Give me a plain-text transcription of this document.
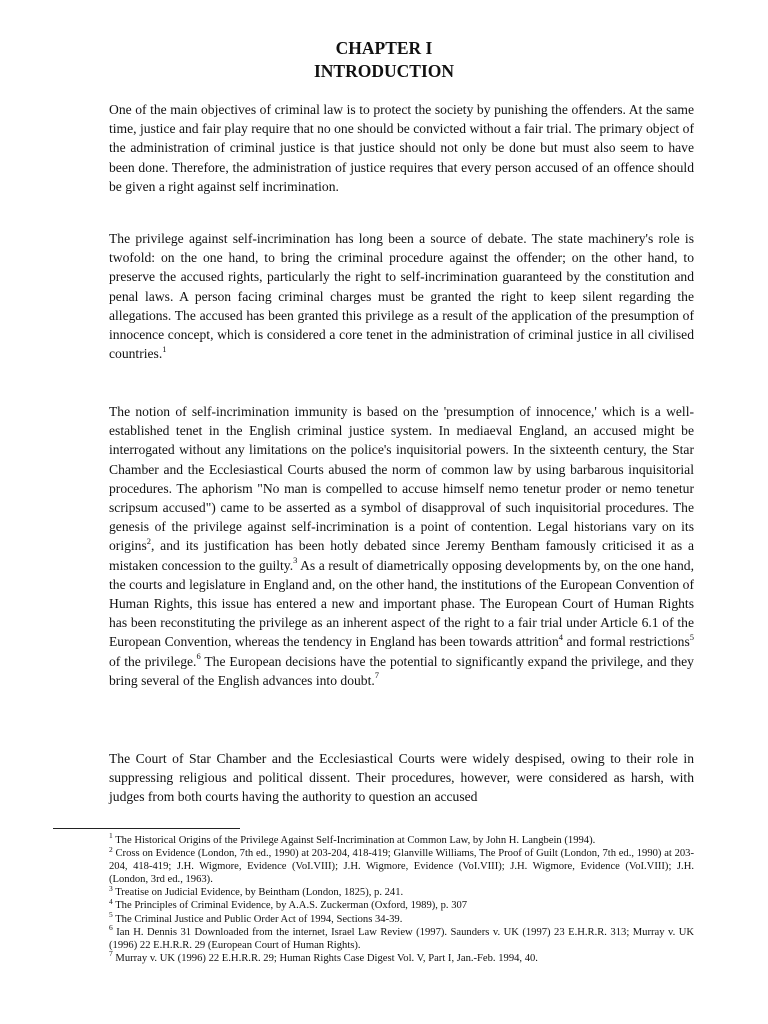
CHAPTER I
INTRODUCTION

One of the main objectives of criminal law is to protect the society by punishing the offenders. At the same time, justice and fair play require that no one should be convicted without a fair trial. The primary object of the administration of criminal justice is that justice should not only be done but must also seem to have been done. Therefore, the administration of justice requires that every person accused of an offence should be given a right against self incrimination.

The privilege against self-incrimination has long been a source of debate. The state machinery's role is twofold: on the one hand, to bring the criminal procedure against the offender; on the other hand, to preserve the accused rights, particularly the right to self-incrimination guaranteed by the constitution and penal laws. A person facing criminal charges must be granted the right to keep silent regarding the allegations. The accused has been granted this privilege as a result of the application of the presumption of innocence concept, which is considered a core tenet in the administration of criminal justice in all civilised countries.$^1$

The notion of self-incrimination immunity is based on the 'presumption of innocence,' which is a well-established tenet in the English criminal justice system. In mediaeval England, an accused might be interrogated without any limitations on the police's inquisitorial powers. In the sixteenth century, the Star Chamber and the Ecclesiastical Courts abused the norm of common law by using barbarous inquisitorial procedures. The aphorism "No man is compelled to accuse himself nemo tenetur proder or nemo tenetur scripsum accused") came to be asserted as a symbol of disapproval of such inquisitorial procedures. The genesis of the privilege against self-incrimination is a point of contention. Legal historians vary on its origins$^2$, and its justification has been hotly debated since Jeremy Bentham famously criticised it as a mistaken concession to the guilty.$^3$ As a result of diametrically opposing developments by, on the one hand, the courts and legislature in England and, on the other hand, the institutions of the European Convention of Human Rights, this issue has entered a new and important phase. The European Court of Human Rights has been reconstituting the privilege as an inherent aspect of the right to a fair trial under Article 6.1 of the European Convention, whereas the tendency in England has been towards attrition$^4$ and formal restrictions$^5$ of the privilege.$^6$ The European decisions have the potential to significantly expand the privilege, and they bring several of the English advances into doubt.$^7$

The Court of Star Chamber and the Ecclesiastical Courts were widely despised, owing to their role in suppressing religious and political dissent. Their procedures, however, were considered as harsh, with judges from both courts having the authority to question an accused

$^1$ The Historical Origins of the Privilege Against Self-Incrimination at Common Law, by John H. Langbein (1994).

$^2$ Cross on Evidence (London, 7th ed., 1990) at 203-204, 418-419; Glanville Williams, The Proof of Guilt (London, 7th ed., 1990) at 203-204, 418-419; J.H. Wigmore, Evidence (VoI.VIII); J.H. Wigmore, Evidence (VoI.VIII); J.H. Wigmore, Evidence (VoI.VIII); J.H. (London, 3rd ed., 1963).

$^3$ Treatise on Judicial Evidence, by Beintham (London, 1825), p. 241.

$^4$ The Principles of Criminal Evidence, by A.A.S. Zuckerman (Oxford, 1989), p. 307

$^5$ The Criminal Justice and Public Order Act of 1994, Sections 34-39.

$^6$ Ian H. Dennis 31 Downloaded from the internet, Israel Law Review (1997). Saunders v. UK (1997) 23 E.H.R.R. 313; Murray v. UK (1996) 22 E.H.R.R. 29 (European Court of Human Rights).

$^7$ Murray v. UK (1996) 22 E.H.R.R. 29; Human Rights Case Digest Vol. V, Part I, Jan.-Feb. 1994, 40.
